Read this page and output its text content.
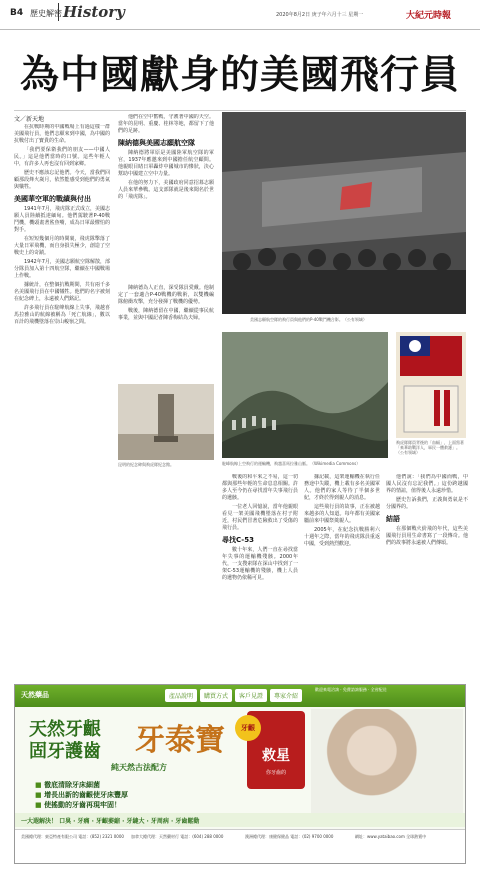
B4 歷史解密 History	2020年8月2日 庚子年六月十三 星期一	大紀元時報
為中國獻身的美國飛行員
文／新天地

在抗戰時期的中國戰場上有過這樣一群美國飛行員，他們志願來到中國，為中國的抗戰付出了寶貴的生命。

「我們要保衛我們的朋友——中國人民。」這是他們當時的口號。這些年輕人中，有許多人再也沒有回到家鄉。

歷史不應該忘記他們。今天，當我們回顧那段烽火歲月，依然能感受到他們的勇氣與犧牲。

美國華空軍的戰績與付出

1941年7月，飛虎隊正式成立，美國志願人員陸續抵達緬甸。他們駕駛著P-40戰鬥機，機頭畫著鯊魚嘴，成為日軍最懼怕的對手。

在短短幾個月的時間裏，飛虎隊擊落了大量日軍飛機，而自身損失極少，創造了空戰史上的奇蹟。

1942年7月，美國志願航空隊解散，部分隊員加入第十四航空隊，繼續在中國戰場上作戰。

據統計，在整個抗戰期間，共有兩千多名美國飛行員在中國犧牲。他們的名字被刻在紀念碑上，永遠被人們銘記。

許多飛行員在駝峰航線上失事，飛越喜馬拉雅山的航線被稱為「死亡航線」，數以百計的飛機墜落在崇山峻嶺之間。

他們在空中奮戰，守護著中國的天空。當年的昆明、重慶、桂林等地，都留下了他們的足跡。

陳納德與美國志願航空隊

陳納德將軍原是美國陸軍航空隊的軍官，1937年應邀來到中國擔任航空顧問。他親眼目睹日軍轟炸中國城市的慘狀，決心幫助中國建立空中力量。

在他的努力下，美國政府同意招募志願人員來華參戰。這支部隊就是後來聞名於世的「飛虎隊」。

陳納德為人正直，深受隊員愛戴。他制定了一套適合P-40戰機的戰術，以雙機編隊俯衝攻擊，充分發揮了戰機的優勢。

戰後，陳納德留在中國，繼續從事民航事業，並與中國記者陳香梅結為夫婦。	美國志願航空隊的飛行員與他們的P-40戰鬥機合影。（公有領域）
駝峰航線上空飛行的運輸機，飛越喜馬拉雅山脈。（Wikimedia Commons）
飛虎隊隊員背後的「血幅」，上面寫著「來華助戰洋人，軍民一體救護」。（公有領域）
昆明的紀念碑與飛虎隊紀念館。

戰後的和平來之不易，這一切都與那些年輕的生命息息相關。許多人至今仍在尋找當年失事飛行員的遺骸。

一位老人回憶說，當年他親眼看見一架美國飛機墜落在村子附近，村民們冒著危險救出了受傷的飛行員。

尋找C-53

數十年來，人們一直在尋找當年失事的運輸機殘骸。2000年代，一支搜索隊在深山中找到了一架C-53運輸機的殘骸，機上人員的遺物仍依稀可見。

據記載，這架運輸機在執行任務途中失蹤，機上載有多名美國軍人。他們的家人等待了半個多世紀，才終於得到親人的消息。

這些飛行員的故事，正在被越來越多的人知道。每年都有美國家屬前來中國祭奠親人。

2005年，在紀念抗戰勝利六十週年之際，當年的飛虎隊員重返中國，受到熱烈歡迎。

他們說：「我們為中國而戰，中國人民沒有忘記我們。」這份跨越國界的情誼，值得後人永遠珍惜。

歷史告訴我們，正義與勇氣是不分國界的。

結語

在那個戰火紛飛的年代，這些美國飛行員用生命書寫了一段傳奇。他們的故事將永遠被人們傳頌。

天然藥品	產品說明	購買方式	客戶見證	專家介紹
歡迎來電洽詢 · 免費諮詢服務 · 全省配送
天然牙齦
固牙護齒 牙泰寶
純天然古法配方
■ 徹底清除牙床細菌
■ 增長出新的齒齦使牙床豐厚
■ 使搖動的牙齒再現牢固！
救星
你牙齒的
牙齦
一大遐解決！ 口臭 · 牙痛 · 牙齦萎縮 · 牙縫大 · 牙周病 · 牙齒鬆動
美國總代理：東亞特產有限公司 電話：(852) 2321 0000	加拿大總代理：天然藥材行 電話：(604) 288 0000	澳洲總代理：康健保健品 電話：(02) 9700 0000	網址：www.yataibao.com 全球熱賣中
